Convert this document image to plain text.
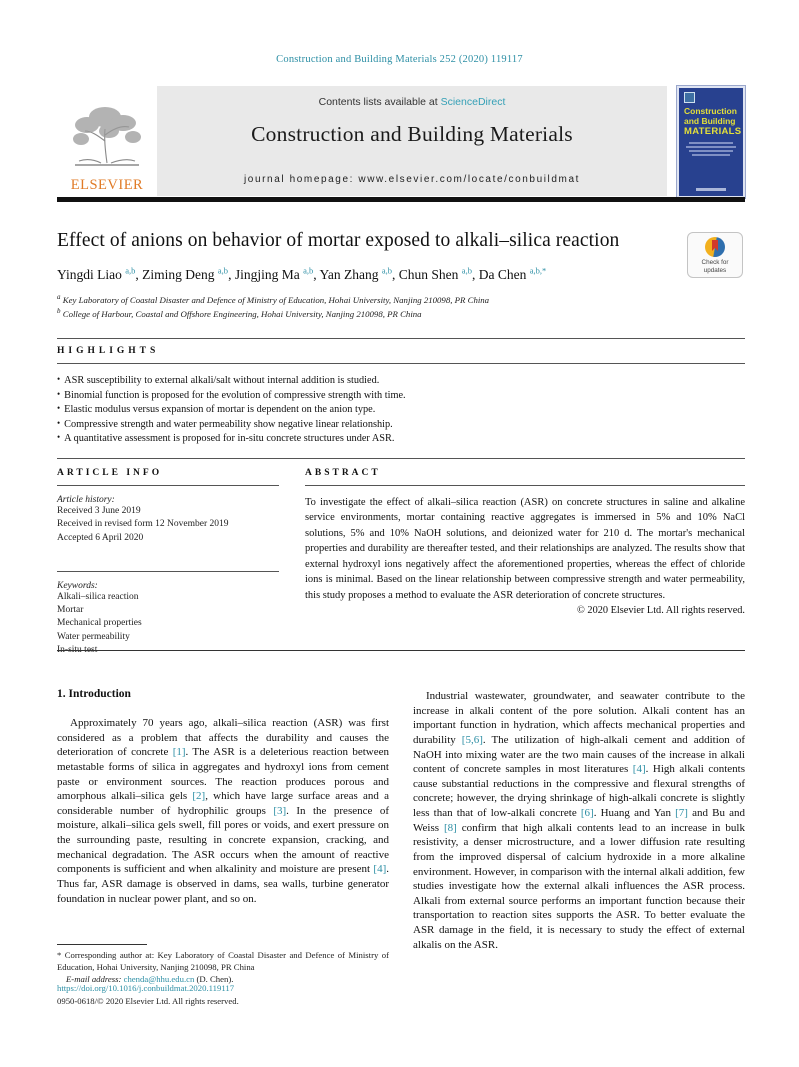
Construction and Building Materials 252 (2020) 119117
ELSEVIER
Contents lists available at ScienceDirect
Construction and Building Materials
journal homepage: www.elsevier.com/locate/conbuildmat
Construction
and Building
MATERIALS
Effect of anions on behavior of mortar exposed to alkali–silica reaction
Check for
updates
Yingdi Liao $^{a,b}$, Ziming Deng $^{a,b}$, Jingjing Ma $^{a,b}$, Yan Zhang $^{a,b}$, Chun Shen $^{a,b}$, Da Chen $^{a,b,*}$
$^a$ Key Laboratory of Coastal Disaster and Defence of Ministry of Education, Hohai University, Nanjing 210098, PR China
$^b$ College of Harbour, Coastal and Offshore Engineering, Hohai University, Nanjing 210098, PR China
HIGHLIGHTS
• ASR susceptibility to external alkali/salt without internal addition is studied.
• Binomial function is proposed for the evolution of compressive strength with time.
• Elastic modulus versus expansion of mortar is dependent on the anion type.
• Compressive strength and water permeability show negative linear relationship.
• A quantitative assessment is proposed for in-situ concrete structures under ASR.
ARTICLE INFO
Article history:
Received 3 June 2019
Received in revised form 12 November 2019
Accepted 6 April 2020
Keywords:
Alkali–silica reaction
Mortar
Mechanical properties
Water permeability
In-situ test
ABSTRACT
To investigate the effect of alkali–silica reaction (ASR) on concrete structures in saline and alkaline service environments, mortar containing reactive aggregates is immersed in 5% and 10% NaCl solutions, 5% and 10% NaOH solutions, and deionized water for 210 d. The mortar's mechanical properties and durability are thereafter tested, and their relationships are analyzed. The results show that external hydroxyl ions negatively affect the aforementioned properties, whereas the effect of chloride ions is minimal. Based on the linear relationship between compressive strength and water permeability, this study proposes a method to evaluate the ASR deterioration of concrete structures.
© 2020 Elsevier Ltd. All rights reserved.
1. Introduction
Approximately 70 years ago, alkali–silica reaction (ASR) was first considered as a problem that affects the durability and causes the deterioration of concrete [1]. The ASR is a deleterious reaction between metastable forms of silica in aggregates and hydroxyl ions from cement paste or environment sources. The reaction produces porous and amorphous alkali–silica gels [2], which have large surface areas and a considerable number of hydrophilic groups [3]. In the presence of moisture, alkali–silica gels swell, fill pores or voids, and exert pressure on the surrounding paste, resulting in concrete expansion, cracking, and mechanical degradation. The ASR occurs when the amount of reactive components is sufficient and when alkalinity and moisture are present [4]. Thus far, ASR damage is observed in dams, sea walls, turbine generator foundation in nuclear power plant, and so on.
Industrial wastewater, groundwater, and seawater contribute to the increase in alkali content of the pore solution. Alkali content has an important function in hydration, which affects mechanical properties and durability [5,6]. The utilization of high-alkali cement and addition of NaOH into mixing water are the two main causes of the increase in alkali content of concrete samples in most literatures [4]. High alkali contents cause substantial reductions in the compressive and flexural strengths of concrete; however, the drying shrinkage of high-alkali concrete is slightly less than that of low-alkali concrete [6]. Huang and Yan [7] and Bu and Weiss [8] confirm that high alkali contents lead to an increase in bulk resistivity, a denser microstructure, and a lower diffusion rate resulting from the improved dispersal of calcium hydroxide in a more alkaline environment. However, in comparison with the internal alkali addition, few studies investigate how the external alkali influences the ASR process. Alkali from external source performs an important function because their transportation to reaction sites supports the ASR. To better evaluate the ASR damage in the field, it is necessary to study the effect of external alkalis on the ASR.
* Corresponding author at: Key Laboratory of Coastal Disaster and Defence of Ministry of Education, Hohai University, Nanjing 210098, PR China
E-mail address: chenda@hhu.edu.cn (D. Chen).
https://doi.org/10.1016/j.conbuildmat.2020.119117
0950-0618/© 2020 Elsevier Ltd. All rights reserved.
